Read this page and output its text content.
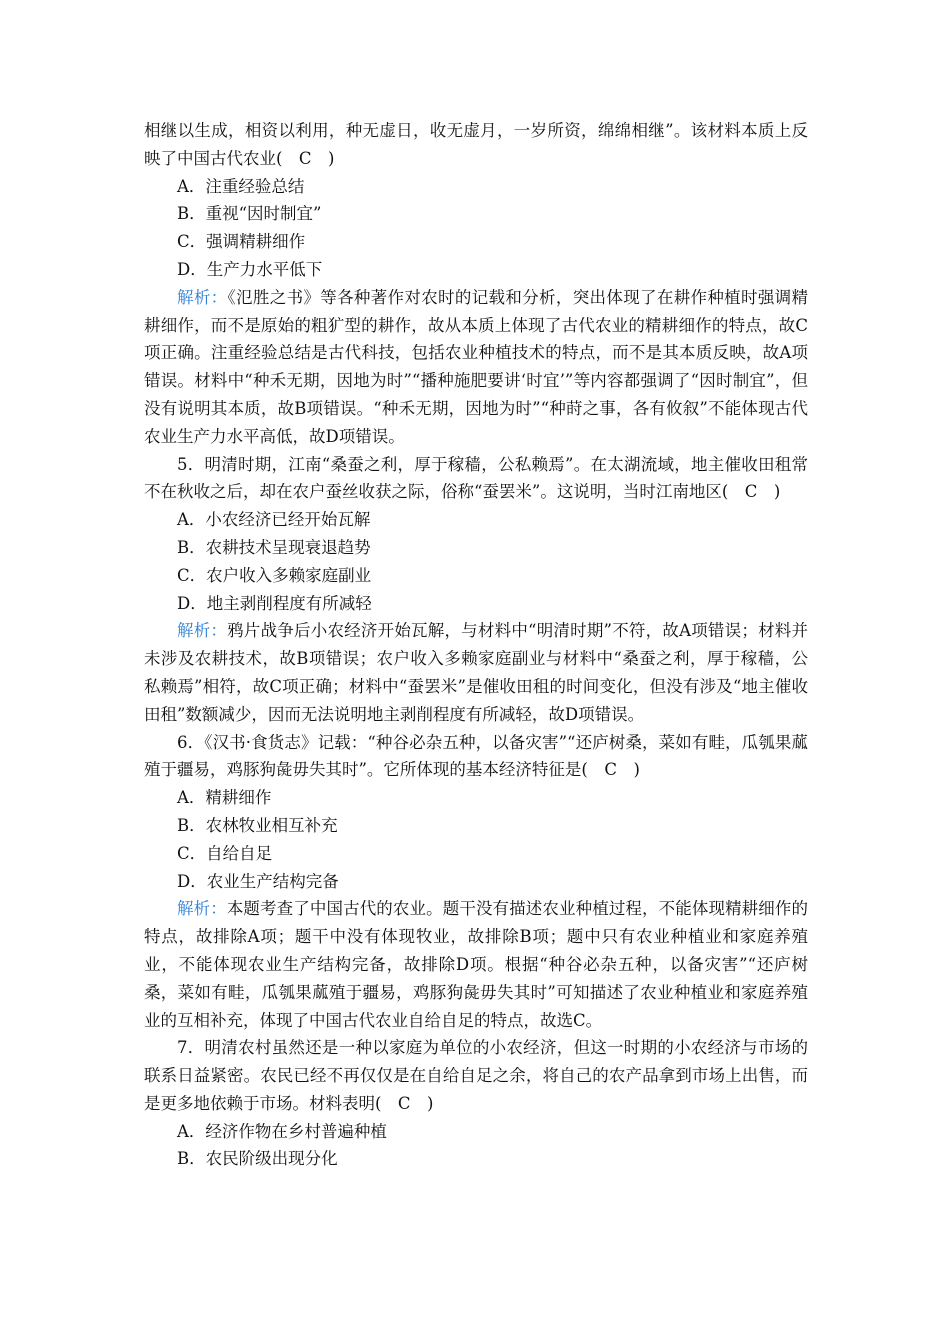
相继以生成，相资以利用，种无虚日，收无虚月，一岁所资，绵绵相继”。该材料本质上反映了中国古代农业(　C　)

A．注重经验总结

B．重视“因时制宜”

C．强调精耕细作

D．生产力水平低下

解析：《氾胜之书》等各种著作对农时的记载和分析，突出体现了在耕作种植时强调精耕细作，而不是原始的粗犷型的耕作，故从本质上体现了古代农业的精耕细作的特点，故C项正确。注重经验总结是古代科技，包括农业种植技术的特点，而不是其本质反映，故A项错误。材料中“种禾无期，因地为时”“播种施肥要讲‘时宜’”等内容都强调了“因时制宜”，但没有说明其本质，故B项错误。“种禾无期，因地为时”“种莳之事，各有攸叙”不能体现古代农业生产力水平高低，故D项错误。

5．明清时期，江南“桑蚕之利，厚于稼穑，公私赖焉”。在太湖流域，地主催收田租常不在秋收之后，却在农户蚕丝收获之际，俗称“蚕罢米”。这说明，当时江南地区(　C　)

A．小农经济已经开始瓦解

B．农耕技术呈现衰退趋势

C．农户收入多赖家庭副业

D．地主剥削程度有所减轻

解析：鸦片战争后小农经济开始瓦解，与材料中“明清时期”不符，故A项错误；材料并未涉及农耕技术，故B项错误；农户收入多赖家庭副业与材料中“桑蚕之利，厚于稼穑，公私赖焉”相符，故C项正确；材料中“蚕罢米”是催收田租的时间变化，但没有涉及“地主催收田租”数额减少，因而无法说明地主剥削程度有所减轻，故D项错误。

6．《汉书·食货志》记载：“种谷必杂五种，以备灾害”“还庐树桑，菜如有畦，瓜瓠果蓏殖于疆易，鸡豚狗彘毋失其时”。它所体现的基本经济特征是(　C　)

A．精耕细作

B．农林牧业相互补充

C．自给自足

D．农业生产结构完备

解析：本题考查了中国古代的农业。题干没有描述农业种植过程，不能体现精耕细作的特点，故排除A项；题干中没有体现牧业，故排除B项；题中只有农业种植业和家庭养殖业，不能体现农业生产结构完备，故排除D项。根据“种谷必杂五种，以备灾害”“还庐树桑，菜如有畦，瓜瓠果蓏殖于疆易，鸡豚狗彘毋失其时”可知描述了农业种植业和家庭养殖业的互相补充，体现了中国古代农业自给自足的特点，故选C。

7．明清农村虽然还是一种以家庭为单位的小农经济，但这一时期的小农经济与市场的联系日益紧密。农民已经不再仅仅是在自给自足之余，将自己的农产品拿到市场上出售，而是更多地依赖于市场。材料表明(　C　)

A．经济作物在乡村普遍种植

B．农民阶级出现分化
